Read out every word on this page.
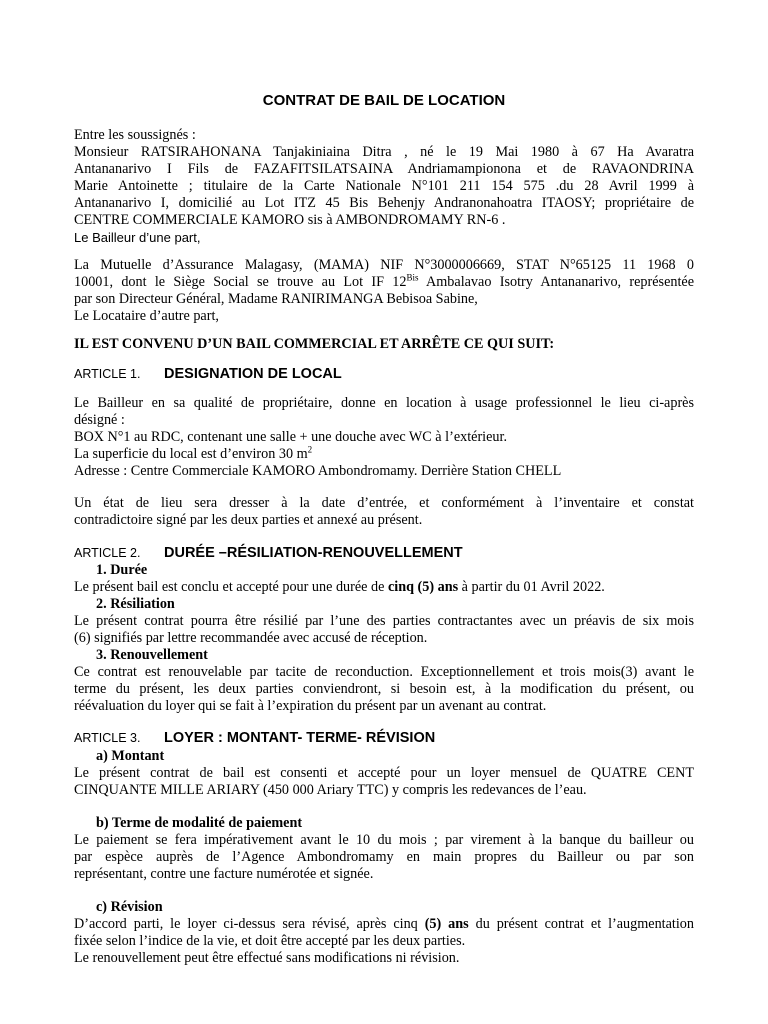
CONTRAT DE BAIL DE LOCATION
Entre les soussignés :
Monsieur RATSIRAHONANA Tanjakiniaina Ditra , né le 19 Mai 1980 à 67 Ha Avaratra
Antananarivo I Fils de FAZAFITSILATSAINA Andriamampionona et de RAVAONDRINA
Marie Antoinette ; titulaire de la Carte Nationale N°101 211 154 575 .du 28 Avril 1999 à
Antananarivo I, domicilié au Lot ITZ 45 Bis Behenjy Andranonahoatra ITAOSY; propriétaire de
CENTRE COMMERCIALE KAMORO sis à AMBONDROMAMY RN-6 .
Le Bailleur d’une part,
La Mutuelle d’Assurance Malagasy, (MAMA) NIF N°3000006669, STAT N°65125 11 1968 0
10001, dont le Siège Social se trouve au Lot IF $12^{Bis}$ Ambalavao Isotry Antananarivo, représentée
par son Directeur Général, Madame RANIRIMANGA Bebisoa Sabine,
Le Locataire d’autre part,
IL EST CONVENU D’UN BAIL COMMERCIAL ET ARRÊTE CE QUI SUIT:
ARTICLE 1. DESIGNATION DE LOCAL
Le Bailleur en sa qualité de propriétaire, donne en location à usage professionnel le lieu ci-après
désigné :
BOX N°1 au RDC, contenant une salle + une douche avec WC à l’extérieur.
La superficie du local est d’environ 30 $m^2$
Adresse : Centre Commerciale KAMORO Ambondromamy. Derrière Station CHELL
Un état de lieu sera dresser à la date d’entrée, et conformément à l’inventaire et constat
contradictoire signé par les deux parties et annexé au présent.
ARTICLE 2. DURÉE –RÉSILIATION-RENOUVELLEMENT
1. Durée
Le présent bail est conclu et accepté pour une durée de cinq (5) ans à partir du 01 Avril 2022.
2. Résiliation
Le présent contrat pourra être résilié par l’une des parties contractantes avec un préavis de six mois
(6) signifiés par lettre recommandée avec accusé de réception.
3. Renouvellement
Ce contrat est renouvelable par tacite de reconduction. Exceptionnellement et trois mois(3) avant le
terme du présent, les deux parties conviendront, si besoin est, à la modification du présent, ou
réévaluation du loyer qui se fait à l’expiration du présent par un avenant au contrat.
ARTICLE 3. LOYER : MONTANT- TERME- RÉVISION
a) Montant
Le présent contrat de bail est consenti et accepté pour un loyer mensuel de QUATRE CENT
CINQUANTE MILLE ARIARY (450 000 Ariary TTC) y compris les redevances de l’eau.
b) Terme de modalité de paiement
Le paiement se fera impérativement avant le 10 du mois ; par virement à la banque du bailleur ou
par espèce auprès de l’Agence Ambondromamy en main propres du Bailleur ou par son
représentant, contre une facture numérotée et signée.
c) Révision
D’accord parti, le loyer ci-dessus sera révisé, après cinq (5) ans du présent contrat et l’augmentation
fixée selon l’indice de la vie, et doit être accepté par les deux parties.
Le renouvellement peut être effectué sans modifications ni révision.
